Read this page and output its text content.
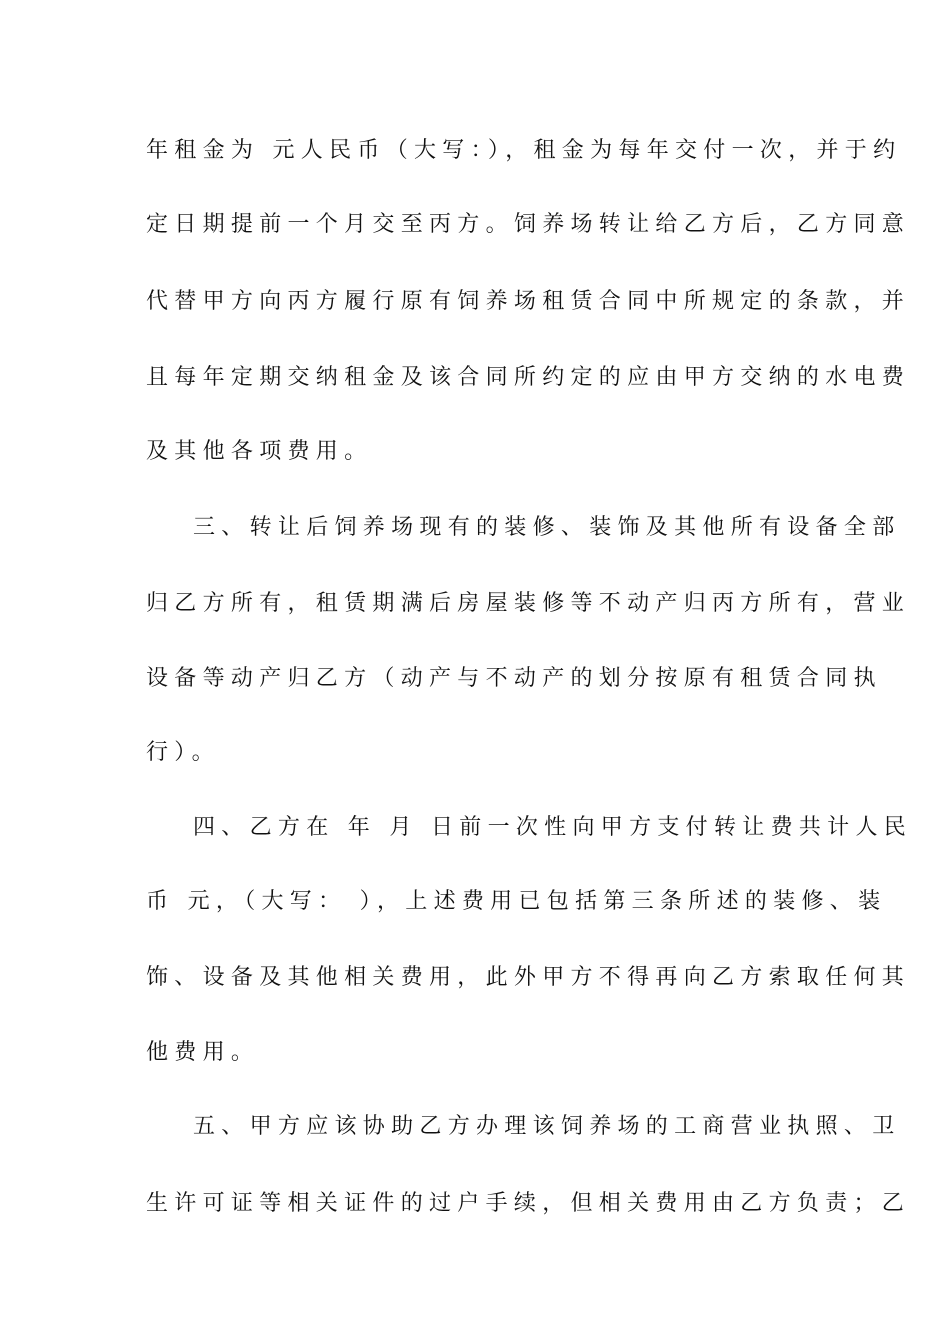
年租金为 元人民币（大写：），租金为每年交付一次，并于约
定日期提前一个月交至丙方。饲养场转让给乙方后，乙方同意
代替甲方向丙方履行原有饲养场租赁合同中所规定的条款，并
且每年定期交纳租金及该合同所约定的应由甲方交纳的水电费
及其他各项费用。
三、转让后饲养场现有的装修、装饰及其他所有设备全部
归乙方所有，租赁期满后房屋装修等不动产归丙方所有，营业
设备等动产归乙方（动产与不动产的划分按原有租赁合同执
行）。
四、乙方在 年 月 日前一次性向甲方支付转让费共计人民
币 元，（大写： ），上述费用已包括第三条所述的装修、装
饰、设备及其他相关费用，此外甲方不得再向乙方索取任何其
他费用。
五、甲方应该协助乙方办理该饲养场的工商营业执照、卫
生许可证等相关证件的过户手续，但相关费用由乙方负责；乙
